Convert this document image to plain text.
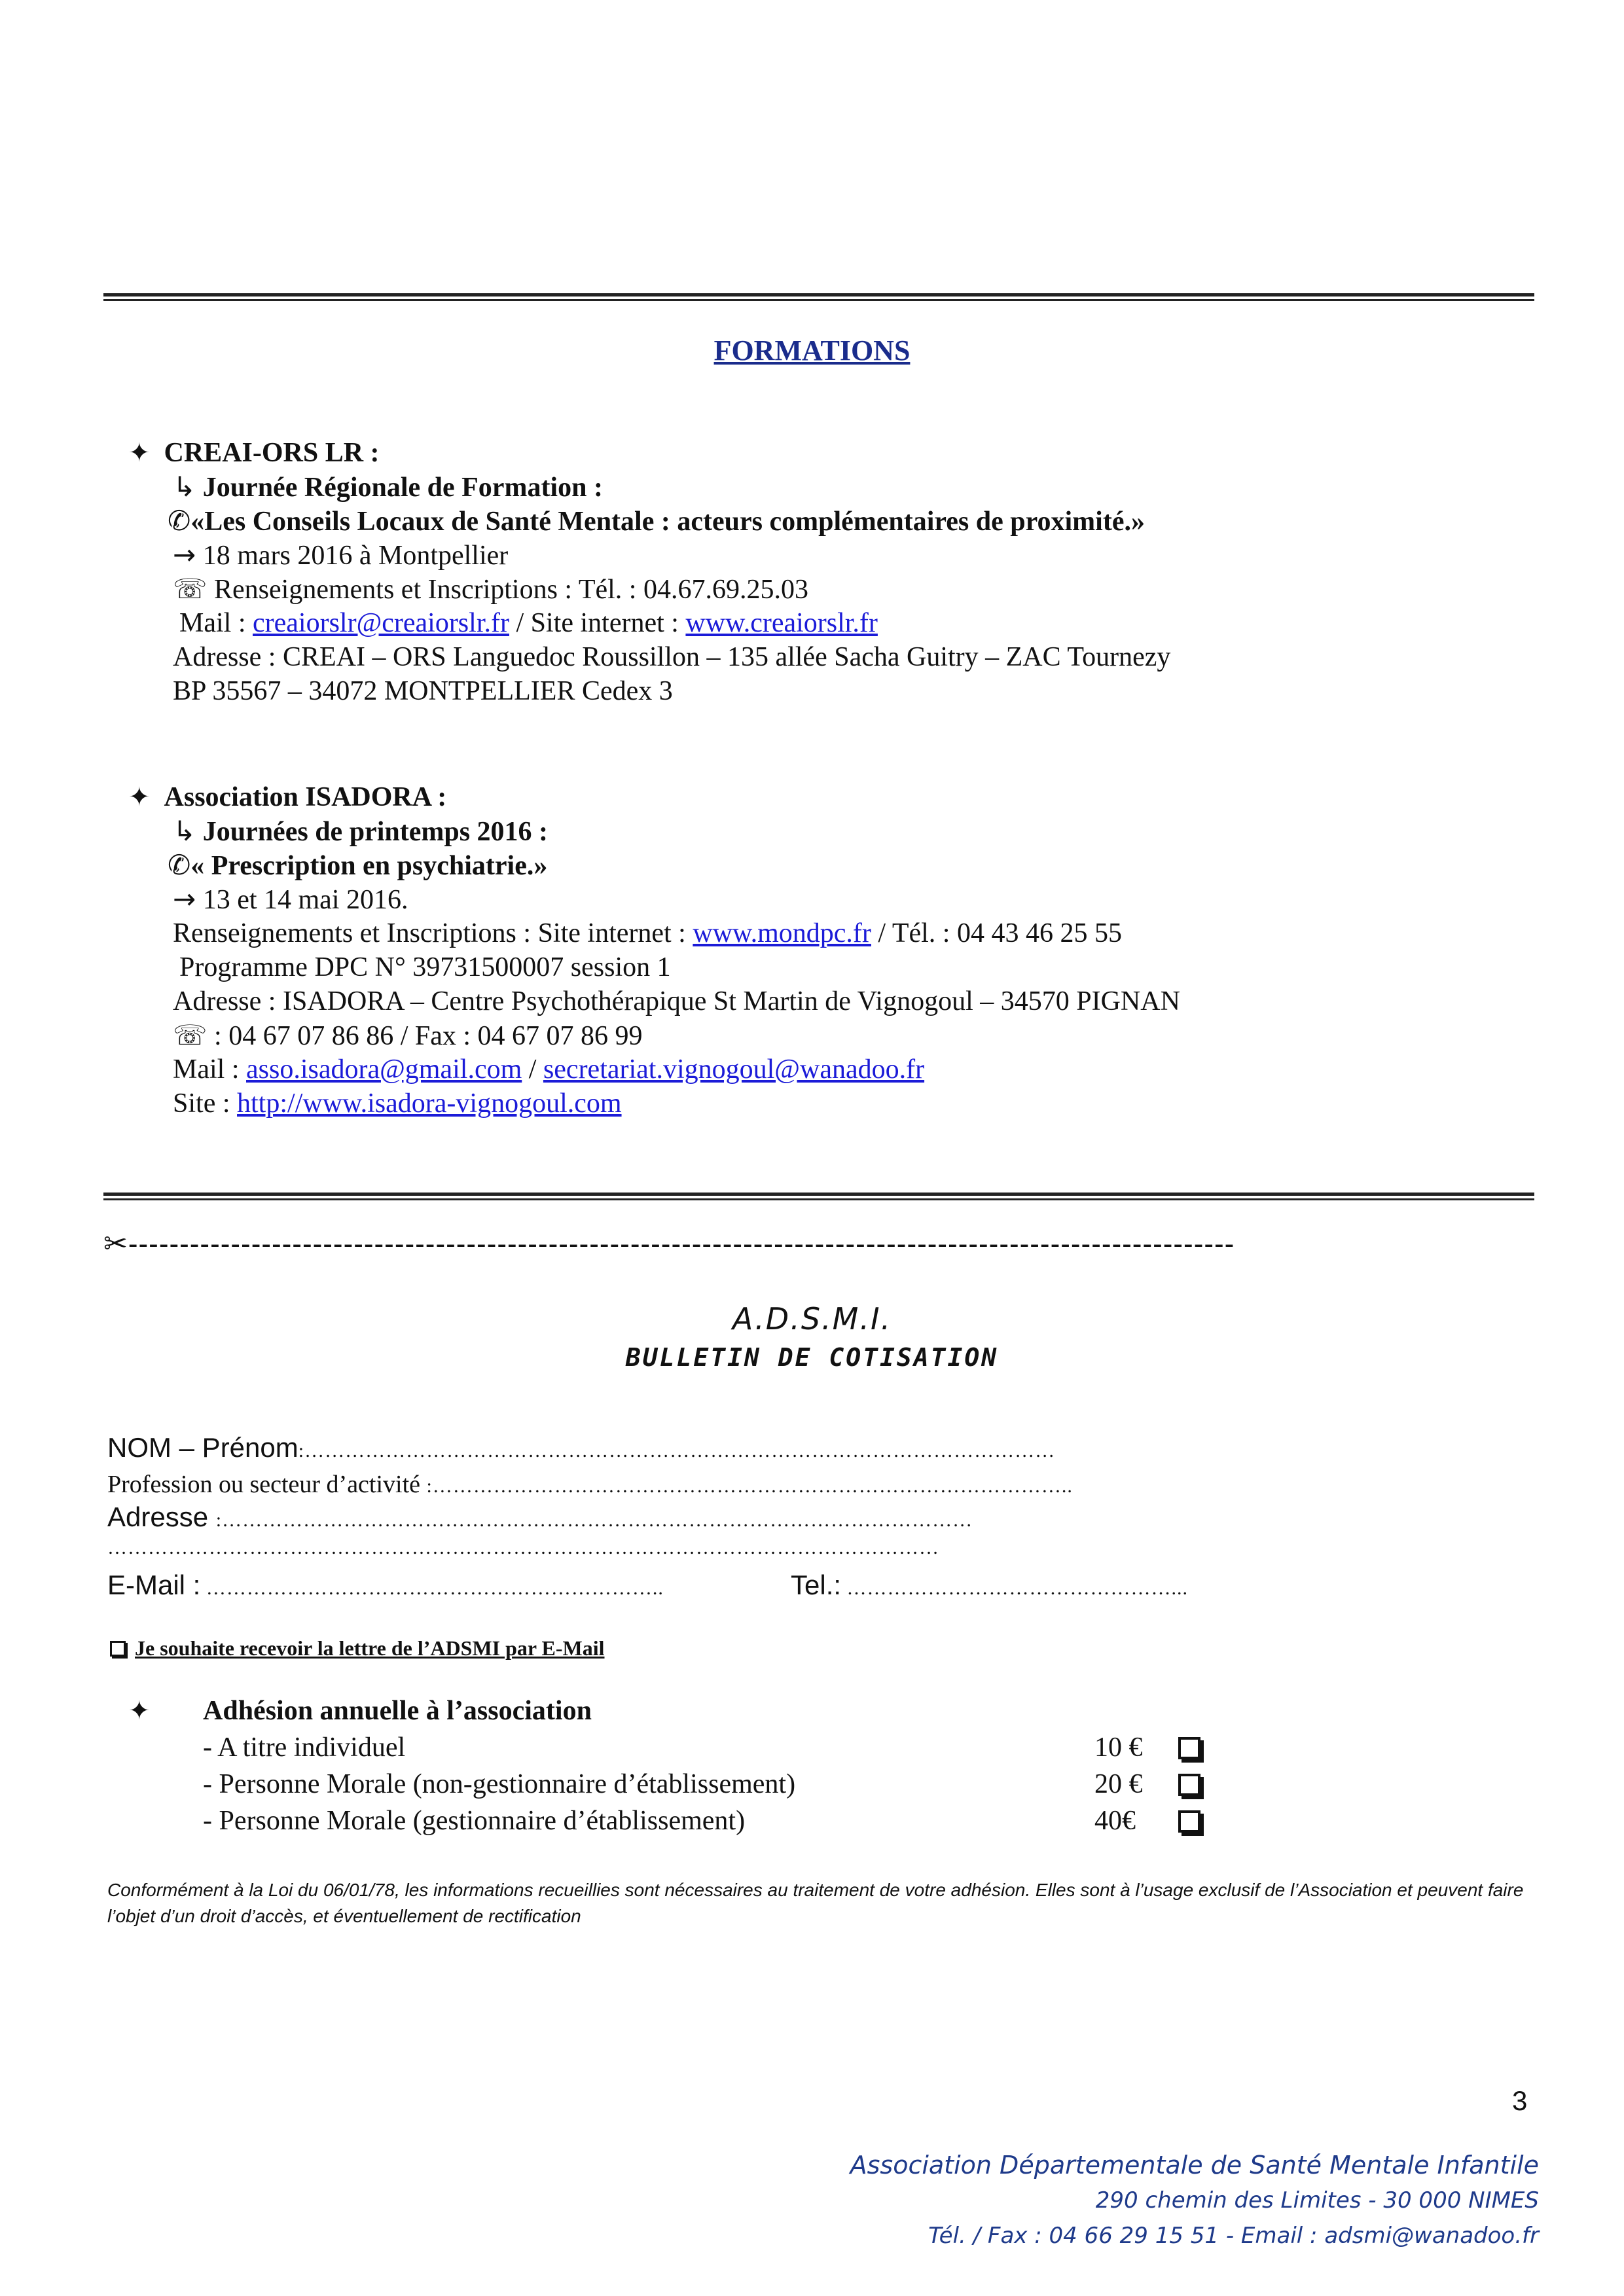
FORMATIONS
✦ CREAI-ORS LR :
↳ Journée Régionale de Formation :
✆«Les Conseils Locaux de Santé Mentale : acteurs complémentaires de proximité.»
→ 18 mars 2016 à Montpellier
☏ Renseignements et Inscriptions : Tél. : 04.67.69.25.03
Mail : creaiorslr@creaiorslr.fr / Site internet : www.creaiorslr.fr
Adresse : CREAI – ORS Languedoc Roussillon – 135 allée Sacha Guitry – ZAC Tournezy
BP 35567 – 34072 MONTPELLIER Cedex 3
✦ Association ISADORA :
↳ Journées de printemps 2016 :
✆« Prescription en psychiatrie.»
→ 13 et 14 mai 2016.
Renseignements et Inscriptions : Site internet : www.mondpc.fr / Tél. : 04 43 46 25 55
Programme DPC N° 39731500007 session 1
Adresse : ISADORA – Centre Psychothérapique St Martin de Vignogoul – 34570 PIGNAN
☏ : 04 67 07 86 86 / Fax : 04 67 07 86 99
Mail : asso.isadora@gmail.com / secretariat.vignogoul@wanadoo.fr
Site : http://www.isadora-vignogoul.com
✂------------------------------------------------------------------------------------------------------------
A.D.S.M.I.
BULLETIN DE COTISATION
NOM – Prénom:…………………………………………………………………………………………………
Profession ou secteur d’activité :…………………………………………………………………………………..
Adresse :…………………………………………………………………………………………………
……………………………………………………………………………………………………………
E-Mail : …………………………………………………………..	Tel.: …………………………………………...
Je souhaite recevoir la lettre de l’ADSMI par E-Mail
✦ Adhésion annuelle à l’association
- A titre individuel	10 €
- Personne Morale (non-gestionnaire d’établissement)	20 €
- Personne Morale (gestionnaire d’établissement)	40€
Conformément à la Loi du 06/01/78, les informations recueillies sont nécessaires au traitement de votre adhésion. Elles sont à l’usage exclusif de l’Association et peuvent faire l’objet d’un droit d’accès, et éventuellement de rectification
3
Association Départementale de Santé Mentale Infantile
290 chemin des Limites - 30 000 NIMES
Tél. / Fax : 04 66 29 15 51 - Email : adsmi@wanadoo.fr
